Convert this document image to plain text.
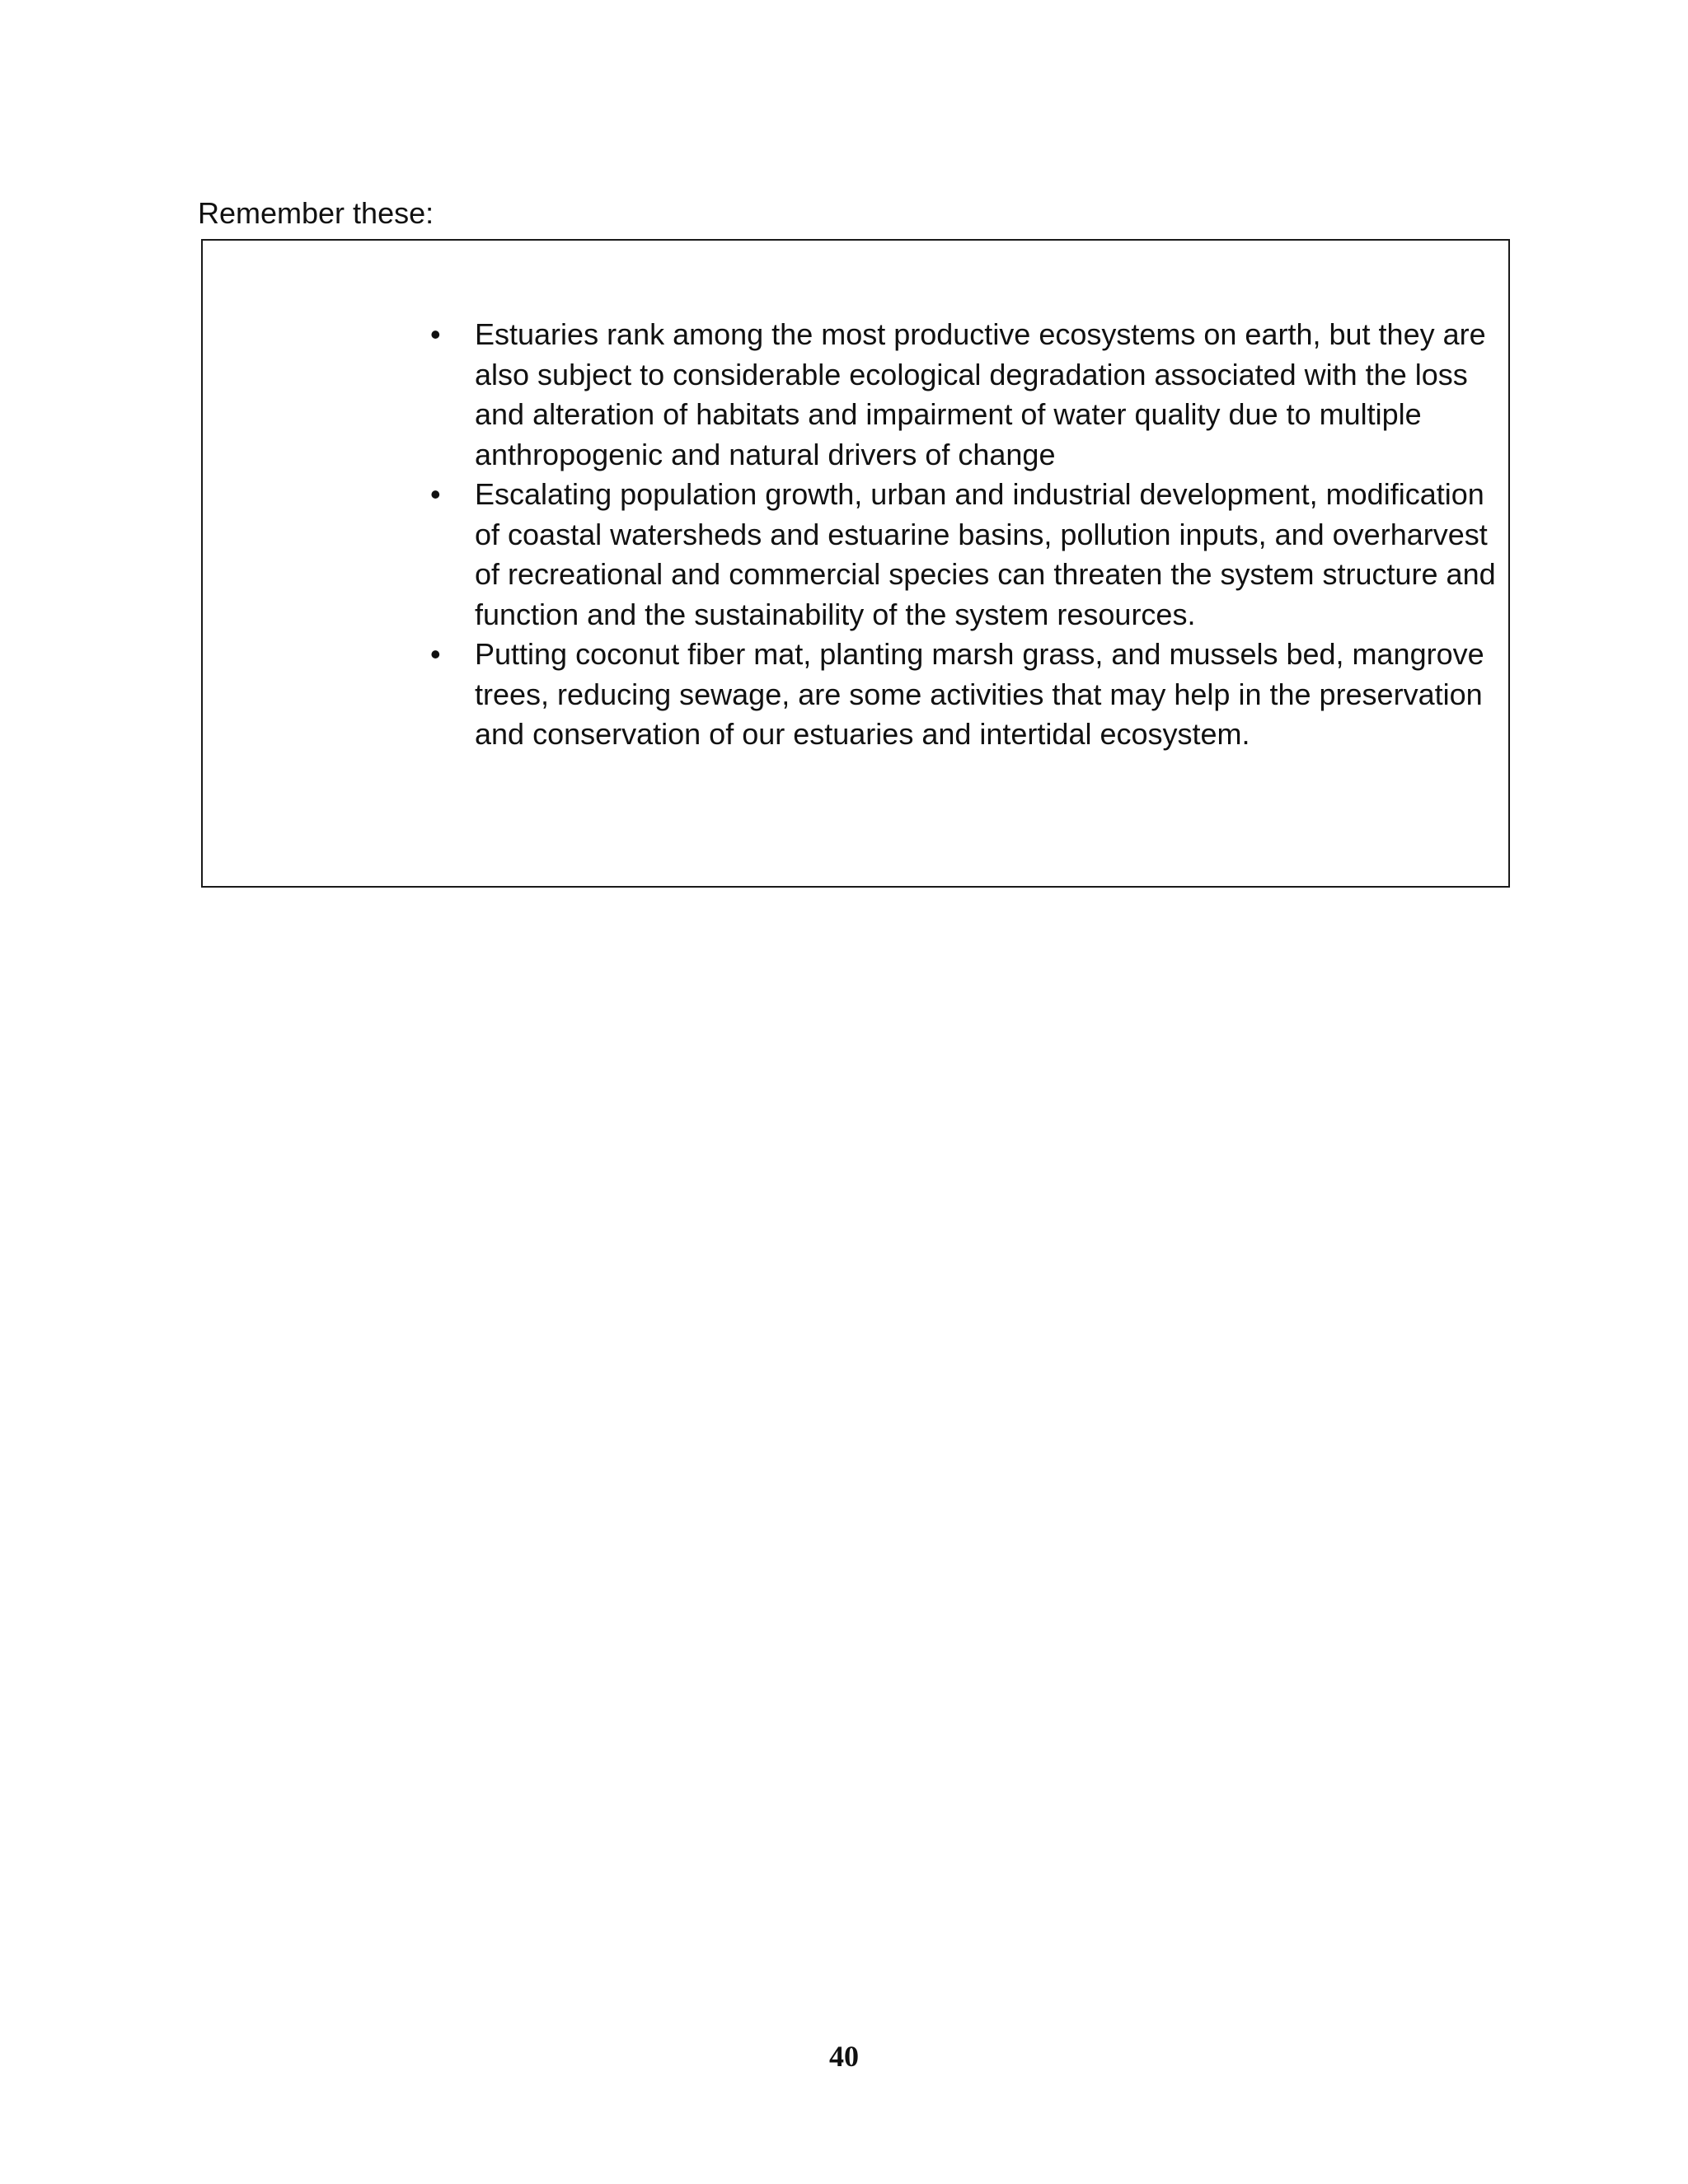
Remember these:

•	Estuaries rank among the most productive ecosystems on earth, but they are also subject to considerable ecological degradation associated with the loss and alteration of habitats and impairment of water quality due to multiple anthropogenic and natural drivers of change
•	Escalating population growth, urban and industrial development, modification of coastal watersheds and estuarine basins, pollution inputs, and overharvest of recreational and commercial species can threaten the system structure and function and the sustainability of the system resources.
•	Putting coconut fiber mat, planting marsh grass, and mussels bed, mangrove trees, reducing sewage, are some activities that may help in the preservation and conservation of our estuaries and intertidal ecosystem.

40
